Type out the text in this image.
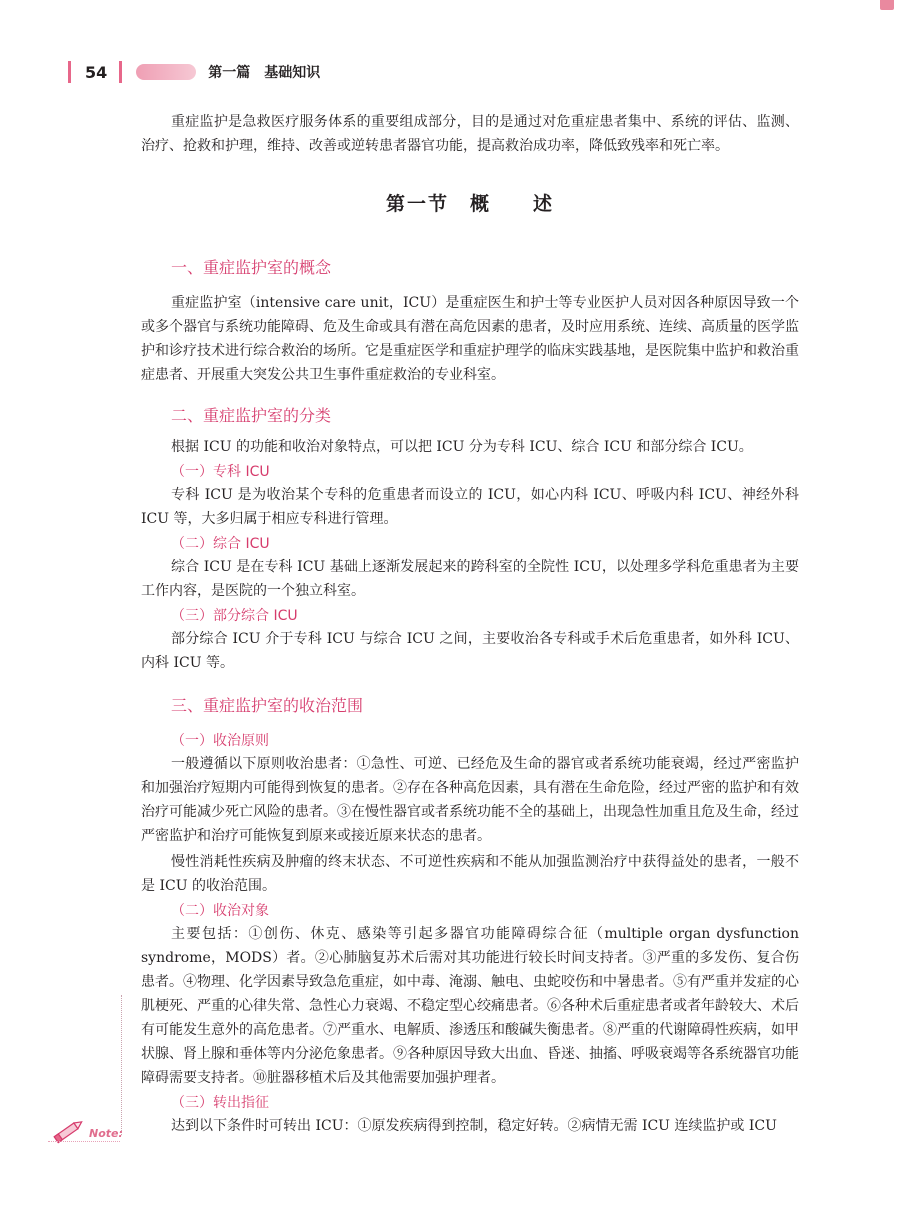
54	第一篇　基础知识

重症监护是急救医疗服务体系的重要组成部分，目的是通过对危重症患者集中、系统的评估、监测、治疗、抢救和护理，维持、改善或逆转患者器官功能，提高救治成功率，降低致残率和死亡率。

第一节　概　　述
一、重症监护室的概念

重症监护室（intensive care unit，ICU）是重症医生和护士等专业医护人员对因各种原因导致一个或多个器官与系统功能障碍、危及生命或具有潜在高危因素的患者，及时应用系统、连续、高质量的医学监护和诊疗技术进行综合救治的场所。它是重症医学和重症护理学的临床实践基地，是医院集中监护和救治重症患者、开展重大突发公共卫生事件重症救治的专业科室。

二、重症监护室的分类

根据 ICU 的功能和收治对象特点，可以把 ICU 分为专科 ICU、综合 ICU 和部分综合 ICU。

（一）专科 ICU

专科 ICU 是为收治某个专科的危重患者而设立的 ICU，如心内科 ICU、呼吸内科 ICU、神经外科 ICU 等，大多归属于相应专科进行管理。

（二）综合 ICU

综合 ICU 是在专科 ICU 基础上逐渐发展起来的跨科室的全院性 ICU，以处理多学科危重患者为主要工作内容，是医院的一个独立科室。

（三）部分综合 ICU

部分综合 ICU 介于专科 ICU 与综合 ICU 之间，主要收治各专科或手术后危重患者，如外科 ICU、内科 ICU 等。

三、重症监护室的收治范围
（一）收治原则

一般遵循以下原则收治患者：①急性、可逆、已经危及生命的器官或者系统功能衰竭，经过严密监护和加强治疗短期内可能得到恢复的患者。②存在各种高危因素，具有潜在生命危险，经过严密的监护和有效治疗可能减少死亡风险的患者。③在慢性器官或者系统功能不全的基础上，出现急性加重且危及生命，经过严密监护和治疗可能恢复到原来或接近原来状态的患者。

慢性消耗性疾病及肿瘤的终末状态、不可逆性疾病和不能从加强监测治疗中获得益处的患者，一般不是 ICU 的收治范围。

（二）收治对象

主要包括：①创伤、休克、感染等引起多器官功能障碍综合征（multiple organ dysfunction syndrome，MODS）者。②心肺脑复苏术后需对其功能进行较长时间支持者。③严重的多发伤、复合伤患者。④物理、化学因素导致急危重症，如中毒、淹溺、触电、虫蛇咬伤和中暑患者。⑤有严重并发症的心肌梗死、严重的心律失常、急性心力衰竭、不稳定型心绞痛患者。⑥各种术后重症患者或者年龄较大、术后有可能发生意外的高危患者。⑦严重水、电解质、渗透压和酸碱失衡患者。⑧严重的代谢障碍性疾病，如甲状腺、肾上腺和垂体等内分泌危象患者。⑨各种原因导致大出血、昏迷、抽搐、呼吸衰竭等各系统器官功能障碍需要支持者。⑩脏器移植术后及其他需要加强护理者。

（三）转出指征

达到以下条件时可转出 ICU：①原发疾病得到控制，稳定好转。②病情无需 ICU 连续监护或 ICU

Note:
